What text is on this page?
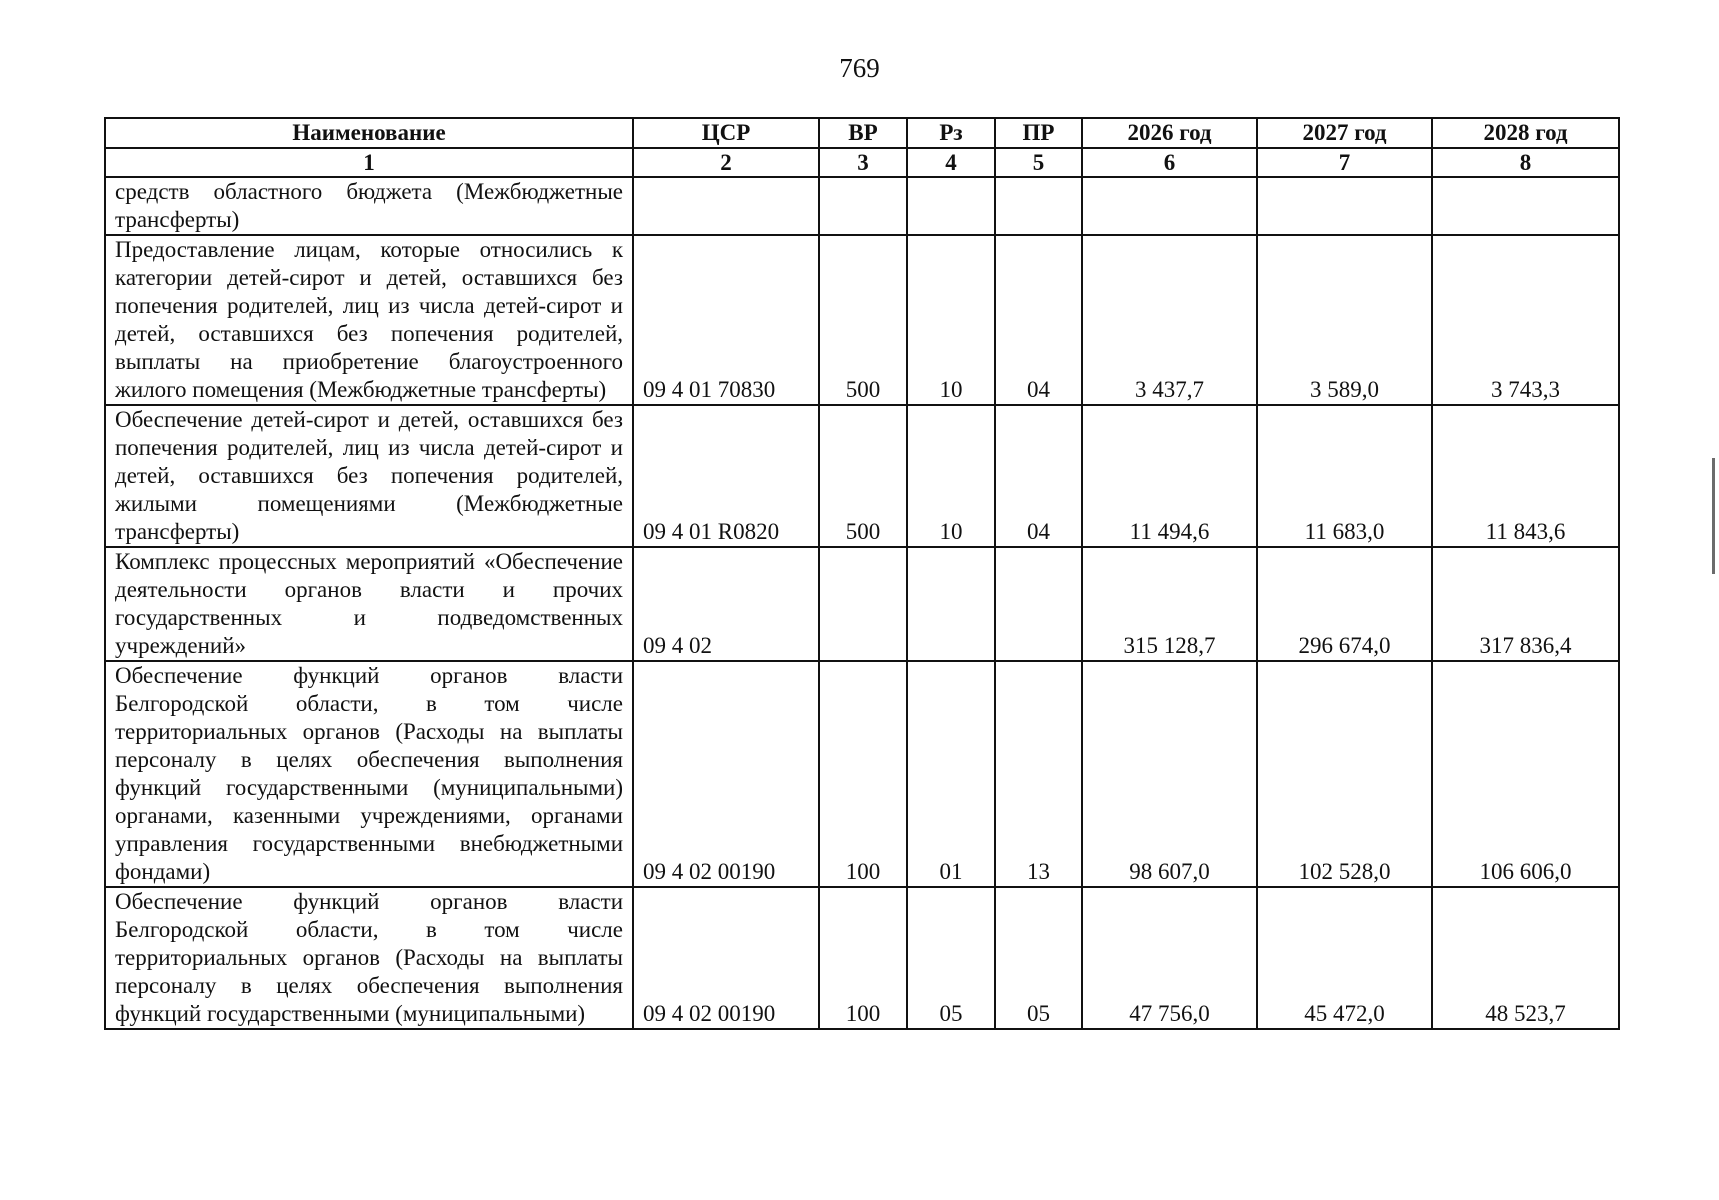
769
Наименование	ЦСР	ВР	Рз	ПР	2026 год	2027 год	2028 год
1	2	3	4	5	6	7	8
средств областного бюджета (Межбюджетные трансферты)							
Предоставление лицам, которые относились к категории детей-сирот и детей, оставшихся без попечения родителей, лиц из числа детей-сирот и детей, оставшихся без попечения родителей, выплаты на приобретение благоустроенного жилого помещения (Межбюджетные трансферты)	09 4 01 70830	500	10	04	3 437,7	3 589,0	3 743,3
Обеспечение детей-сирот и детей, оставшихся без попечения родителей, лиц из числа детей-сирот и детей, оставшихся без попечения родителей, жилыми помещениями (Межбюджетные трансферты)	09 4 01 R0820	500	10	04	11 494,6	11 683,0	11 843,6
Комплекс процессных мероприятий «Обеспечение деятельности органов власти и прочих государственных и подведомственных учреждений»	09 4 02				315 128,7	296 674,0	317 836,4
Обеспечение функций органов власти Белгородской области, в том числе территориальных органов (Расходы на выплаты персоналу в целях обеспечения выполнения функций государственными (муниципальными) органами, казенными учреждениями, органами управления государственными внебюджетными фондами)	09 4 02 00190	100	01	13	98 607,0	102 528,0	106 606,0
Обеспечение функций органов власти Белгородской области, в том числе территориальных органов (Расходы на выплаты персоналу в целях обеспечения выполнения функций государственными (муниципальными)	09 4 02 00190	100	05	05	47 756,0	45 472,0	48 523,7
